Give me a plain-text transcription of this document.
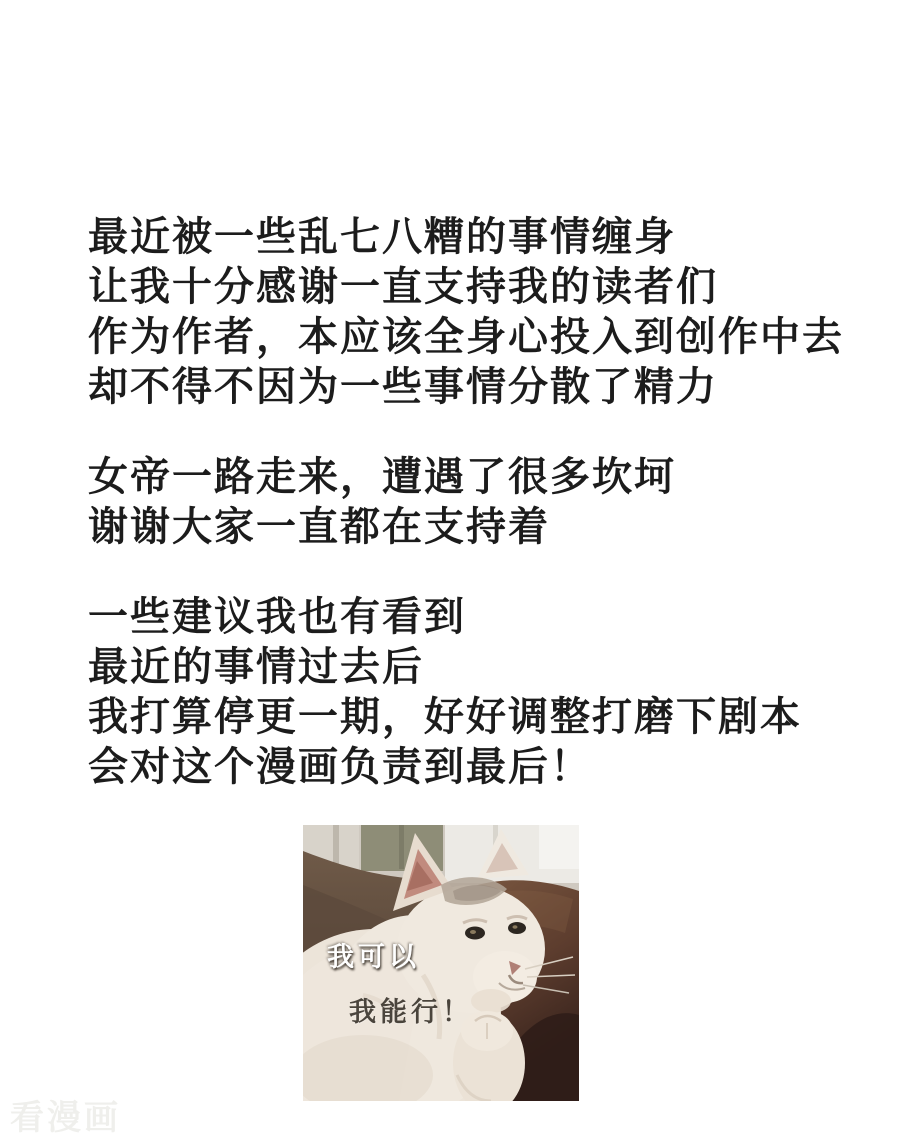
最近被一些乱七八糟的事情缠身
让我十分感谢一直支持我的读者们
作为作者，本应该全身心投入到创作中去
却不得不因为一些事情分散了精力

女帝一路走来，遭遇了很多坎坷
谢谢大家一直都在支持着

一些建议我也有看到
最近的事情过去后
我打算停更一期，好好调整打磨下剧本
会对这个漫画负责到最后！

我可以
我能行！
看漫画
